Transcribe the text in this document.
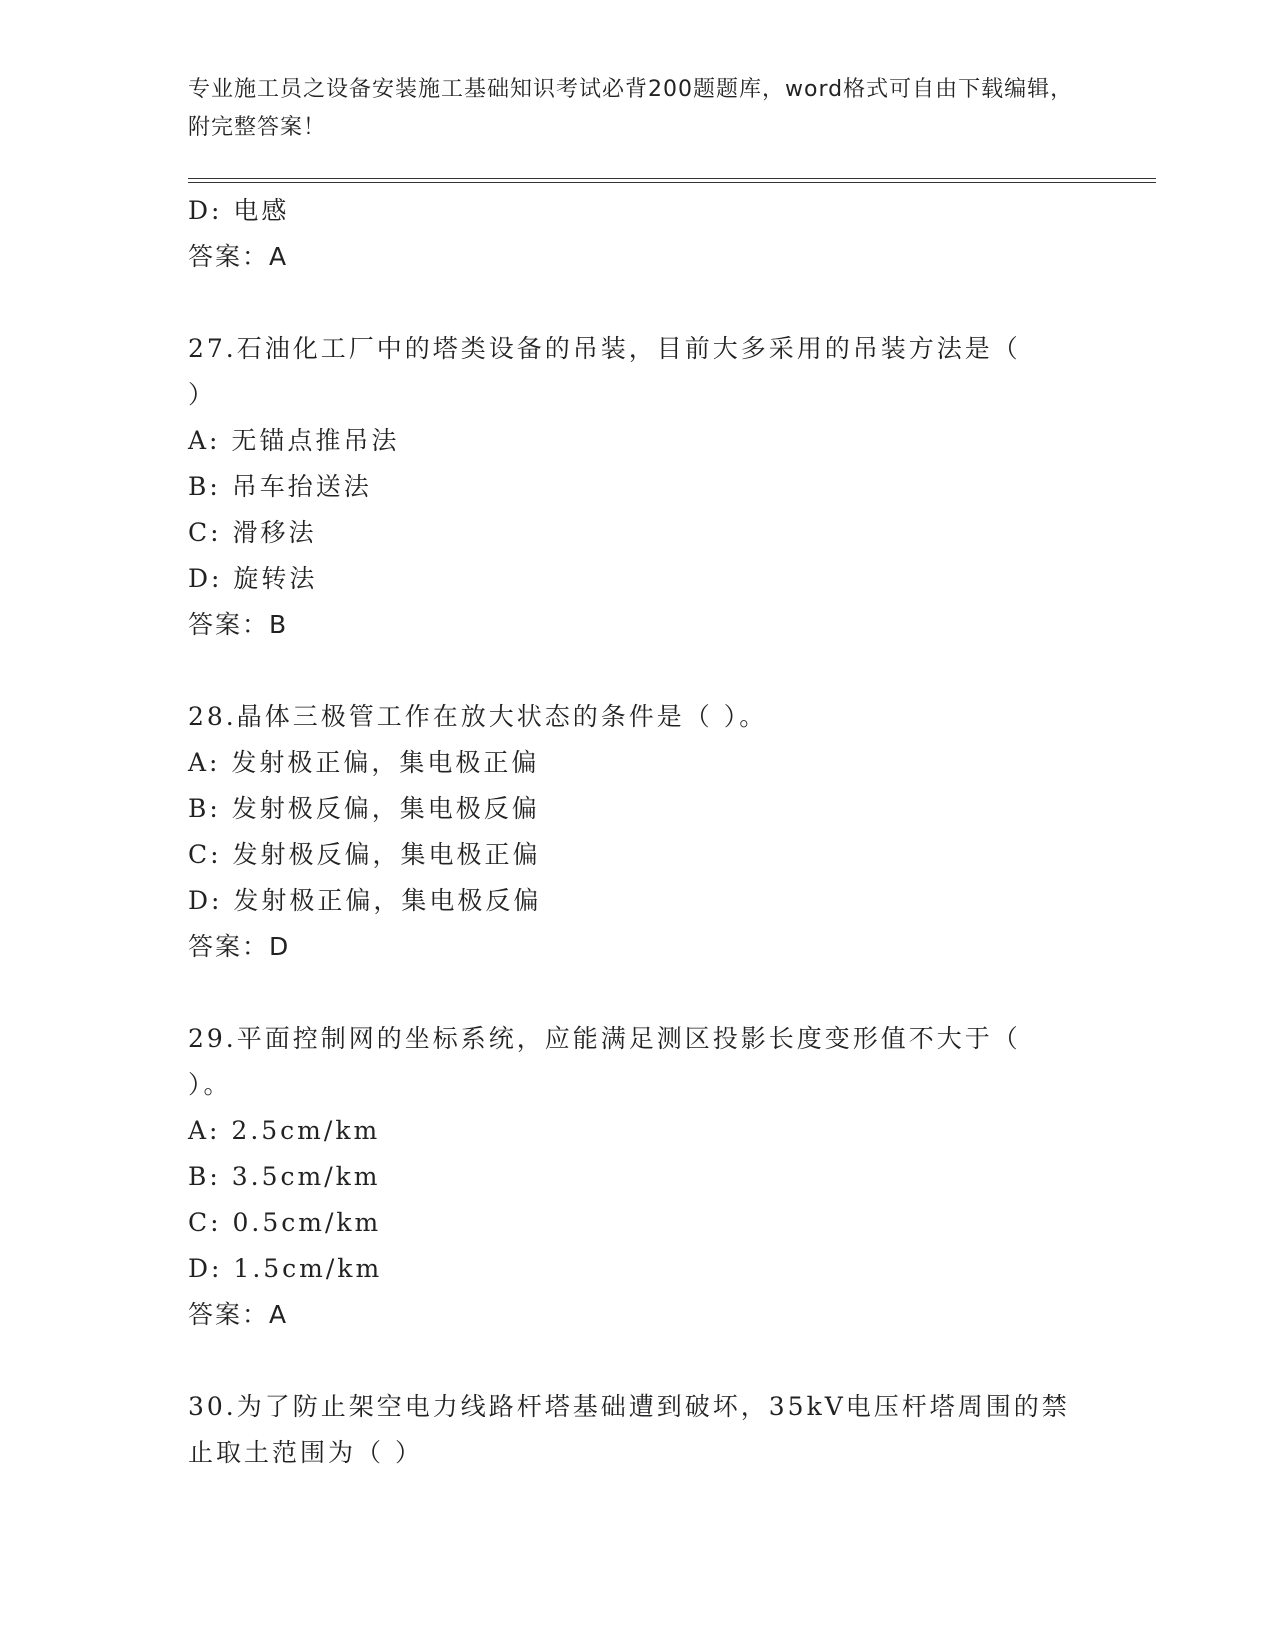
专业施工员之设备安装施工基础知识考试必背200题题库，word格式可自由下载编辑，附完整答案！
D: 电感
答案：A
27.石油化工厂中的塔类设备的吊装，目前大多采用的吊装方法是（
）
A: 无锚点推吊法
B: 吊车抬送法
C: 滑移法
D: 旋转法
答案：B
28.晶体三极管工作在放大状态的条件是（ ）。
A: 发射极正偏，集电极正偏
B: 发射极反偏，集电极反偏
C: 发射极反偏，集电极正偏
D: 发射极正偏，集电极反偏
答案：D
29.平面控制网的坐标系统，应能满足测区投影长度变形值不大于（
）。
A: 2.5cm/km
B: 3.5cm/km
C: 0.5cm/km
D: 1.5cm/km
答案：A
30.为了防止架空电力线路杆塔基础遭到破坏，35kV电压杆塔周围的禁
止取土范围为（ ）
